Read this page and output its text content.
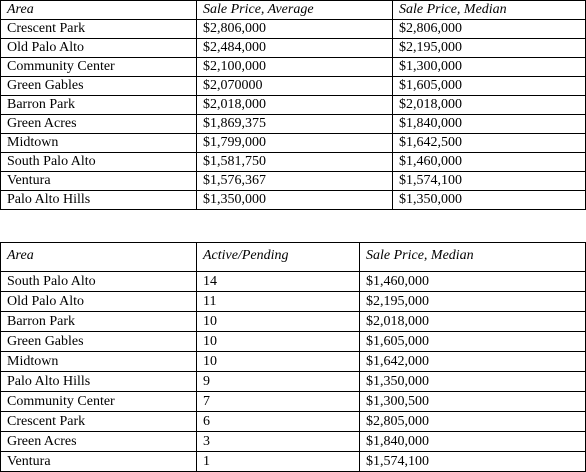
Area	Sale Price, Average	Sale Price, Median
Crescent Park	$2,806,000	$2,806,000
Old Palo Alto	$2,484,000	$2,195,000
Community Center	$2,100,000	$1,300,000
Green Gables	$2,070000	$1,605,000
Barron Park	$2,018,000	$2,018,000
Green Acres	$1,869,375	$1,840,000
Midtown	$1,799,000	$1,642,500
South Palo Alto	$1,581,750	$1,460,000
Ventura	$1,576,367	$1,574,100
Palo Alto Hills	$1,350,000	$1,350,000
Area	Active/Pending	Sale Price, Median
South Palo Alto	14	$1,460,000
Old Palo Alto	11	$2,195,000
Barron Park	10	$2,018,000
Green Gables	10	$1,605,000
Midtown	10	$1,642,000
Palo Alto Hills	9	$1,350,000
Community Center	7	$1,300,500
Crescent Park	6	$2,805,000
Green Acres	3	$1,840,000
Ventura	1	$1,574,100
